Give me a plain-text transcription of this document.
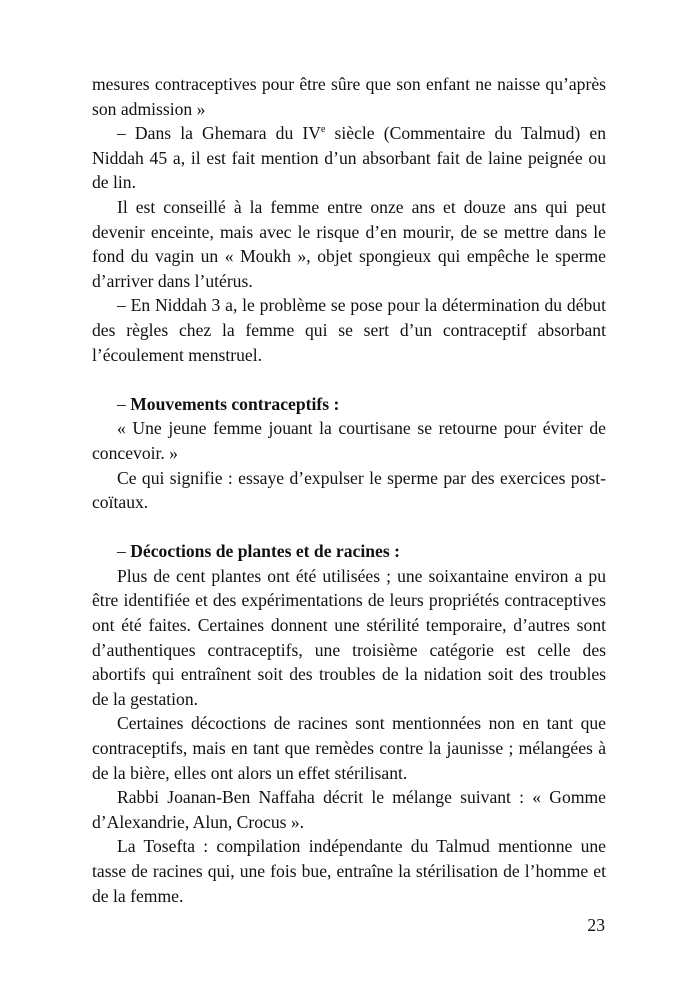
mesures contraceptives pour être sûre que son enfant ne naisse qu’après son admission »

– Dans la Ghemara du IVe siècle (Commentaire du Talmud) en Niddah 45 a, il est fait mention d’un absorbant fait de laine peignée ou de lin.

Il est conseillé à la femme entre onze ans et douze ans qui peut devenir enceinte, mais avec le risque d’en mourir, de se mettre dans le fond du vagin un « Moukh », objet spongieux qui empêche le sperme d’arriver dans l’utérus.

– En Niddah 3 a, le problème se pose pour la détermination du début des règles chez la femme qui se sert d’un contraceptif absorbant l’écoulement menstruel.

– Mouvements contraceptifs :

« Une jeune femme jouant la courtisane se retourne pour éviter de concevoir. »

Ce qui signifie : essaye d’expulser le sperme par des exercices post-coïtaux.

– Décoctions de plantes et de racines :

Plus de cent plantes ont été utilisées ; une soixantaine environ a pu être identifiée et des expérimentations de leurs propriétés contraceptives ont été faites. Certaines donnent une stérilité temporaire, d’autres sont d’authentiques contraceptifs, une troisième catégorie est celle des abortifs qui entraînent soit des troubles de la nidation soit des troubles de la gestation.

Certaines décoctions de racines sont mentionnées non en tant que contraceptifs, mais en tant que remèdes contre la jaunisse ; mélangées à de la bière, elles ont alors un effet stérilisant.

Rabbi Joanan-Ben Naffaha décrit le mélange suivant : « Gomme d’Alexandrie, Alun, Crocus ».

La Tosefta : compilation indépendante du Talmud mentionne une tasse de racines qui, une fois bue, entraîne la stérilisation de l’homme et de la femme.

23
